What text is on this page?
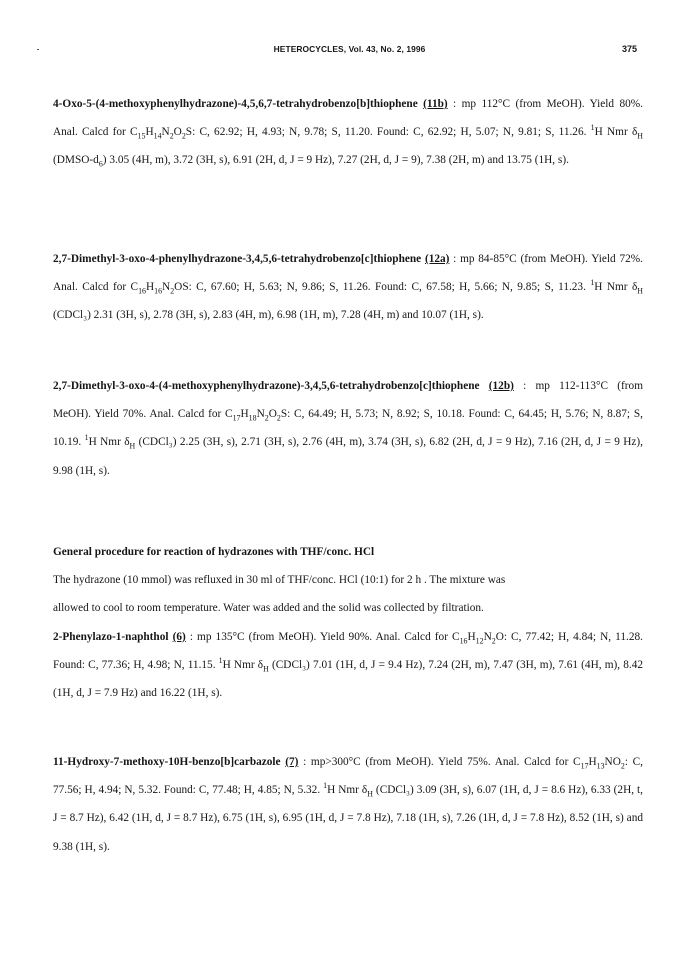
HETEROCYCLES, Vol. 43, No. 2, 1996	375

4-Oxo-5-(4-methoxyphenylhydrazone)-4,5,6,7-tetrahydrobenzo[b]thiophene (11b) : mp 112°C (from MeOH). Yield 80%. Anal. Calcd for $C_{15}H_{14}N_2O_2S$: C, 62.92; H, 4.93; N, 9.78; S, 11.20. Found: C, 62.92; H, 5.07; N, 9.81; S, 11.26. $^1$H Nmr $\delta_H$ $(DMSO-d_6)$ 3.05 (4H, m), 3.72 (3H, s), 6.91 (2H, d, J = 9 Hz), 7.27 (2H, d, J = 9), 7.38 (2H, m) and 13.75 (1H, s).

2,7-Dimethyl-3-oxo-4-phenylhydrazone-3,4,5,6-tetrahydrobenzo[c]thiophene (12a) : mp 84-85°C (from MeOH). Yield 72%. Anal. Calcd for $C_{16}H_{16}N_2OS$: C, 67.60; H, 5.63; N, 9.86; S, 11.26. Found: C, 67.58; H, 5.66; N, 9.85; S, 11.23. $^1$H Nmr $\delta_H$ (CDCl₃) 2.31 (3H, s), 2.78 (3H, s), 2.83 (4H, m), 6.98 (1H, m), 7.28 (4H, m) and 10.07 (1H, s).

2,7-Dimethyl-3-oxo-4-(4-methoxyphenylhydrazone)-3,4,5,6-tetrahydrobenzo[c]thiophene (12b) : mp 112-113°C (from MeOH). Yield 70%. Anal. Calcd for $C_{17}H_{18}N_2O_2S$: C, 64.49; H, 5.73; N, 8.92; S, 10.18. Found: C, 64.45; H, 5.76; N, 8.87; S, 10.19. $^1$H Nmr $\delta_H$ (CDCl₃) 2.25 (3H, s), 2.71 (3H, s), 2.76 (4H, m), 3.74 (3H, s), 6.82 (2H, d, J = 9 Hz), 7.16 (2H, d, J = 9 Hz), 9.98 (1H, s).

General procedure for reaction of hydrazones with THF/conc. HCl

The hydrazone (10 mmol) was refluxed in 30 ml of THF/conc. HCl (10:1) for 2 h . The mixture was

allowed to cool to room temperature. Water was added and the solid was collected by filtration.

2-Phenylazo-1-naphthol (6) : mp 135°C (from MeOH). Yield 90%. Anal. Calcd for $C_{16}H_{12}N_2O$: C, 77.42; H, 4.84; N, 11.28. Found: C, 77.36; H, 4.98; N, 11.15. $^1$H Nmr $\delta_H$ (CDCl₃) 7.01 (1H, d, J = 9.4 Hz), 7.24 (2H, m), 7.47 (3H, m), 7.61 (4H, m), 8.42 (1H, d, J = 7.9 Hz) and 16.22 (1H, s).

11-Hydroxy-7-methoxy-10H-benzo[b]carbazole (7) : mp>300°C (from MeOH). Yield 75%. Anal. Calcd for $C_{17}H_{13}NO_2$: C, 77.56; H, 4.94; N, 5.32. Found: C, 77.48; H, 4.85; N, 5.32. $^1$H Nmr $\delta_H$ (CDCl₃) 3.09 (3H, s), 6.07 (1H, d, J = 8.6 Hz), 6.33 (2H, t, J = 8.7 Hz), 6.42 (1H, d, J = 8.7 Hz), 6.75 (1H, s), 6.95 (1H, d, J = 7.8 Hz), 7.18 (1H, s), 7.26 (1H, d, J = 7.8 Hz), 8.52 (1H, s) and 9.38 (1H, s).
